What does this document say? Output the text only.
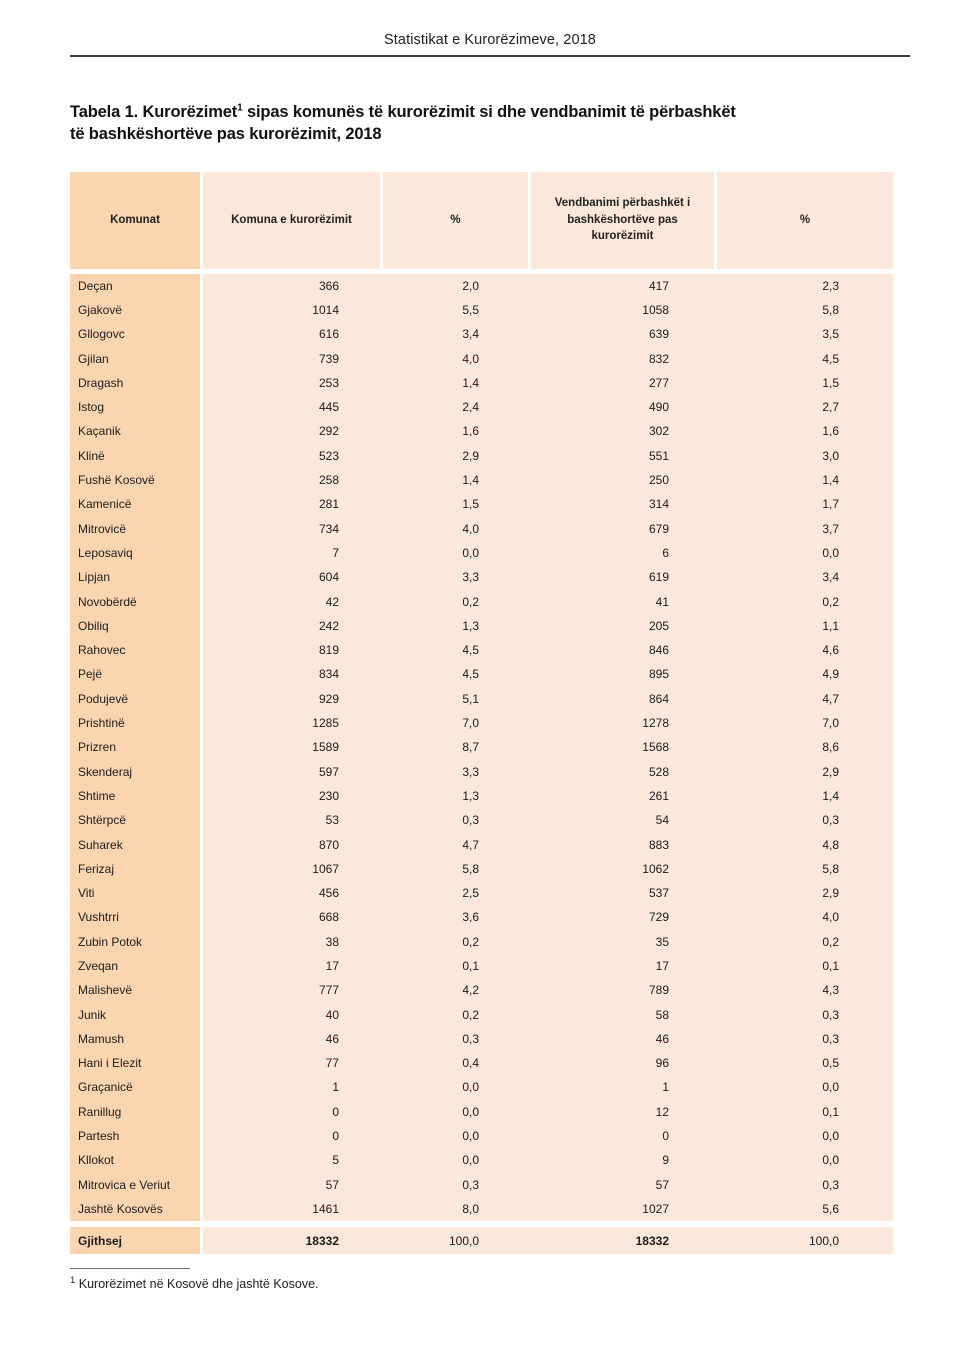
Statistikat e Kurorëzimeve, 2018
Tabela 1. Kurorëzimet$^1$ sipas komunës të kurorëzimit si dhe vendbanimit të përbashkët
të bashkëshortëve pas kurorëzimit, 2018
Komunat	Komuna e kurorëzimit	%	Vendbanimi përbashkët i bashkëshortëve pas kurorëzimit	%

Deçan	366	2,0	417	2,3
Gjakovë	1014	5,5	1058	5,8
Gllogovc	616	3,4	639	3,5
Gjilan	739	4,0	832	4,5
Dragash	253	1,4	277	1,5
Istog	445	2,4	490	2,7
Kaçanik	292	1,6	302	1,6
Klinë	523	2,9	551	3,0
Fushë Kosovë	258	1,4	250	1,4
Kamenicë	281	1,5	314	1,7
Mitrovicë	734	4,0	679	3,7
Leposaviq	7	0,0	6	0,0
Lipjan	604	3,3	619	3,4
Novobërdë	42	0,2	41	0,2
Obiliq	242	1,3	205	1,1
Rahovec	819	4,5	846	4,6
Pejë	834	4,5	895	4,9
Podujevë	929	5,1	864	4,7
Prishtinë	1285	7,0	1278	7,0
Prizren	1589	8,7	1568	8,6
Skenderaj	597	3,3	528	2,9
Shtime	230	1,3	261	1,4
Shtërpcë	53	0,3	54	0,3
Suharek	870	4,7	883	4,8
Ferizaj	1067	5,8	1062	5,8
Viti	456	2,5	537	2,9
Vushtrri	668	3,6	729	4,0
Zubin Potok	38	0,2	35	0,2
Zveqan	17	0,1	17	0,1
Malishevë	777	4,2	789	4,3
Junik	40	0,2	58	0,3
Mamush	46	0,3	46	0,3
Hani i Elezit	77	0,4	96	0,5
Graçanicë	1	0,0	1	0,0
Ranillug	0	0,0	12	0,1
Partesh	0	0,0	0	0,0
Kllokot	5	0,0	9	0,0
Mitrovica e Veriut	57	0,3	57	0,3
Jashtë Kosovës	1461	8,0	1027	5,6

Gjithsej	18332	100,0	18332	100,0
$^1$ Kurorëzimet në Kosovë dhe jashtë Kosove.
